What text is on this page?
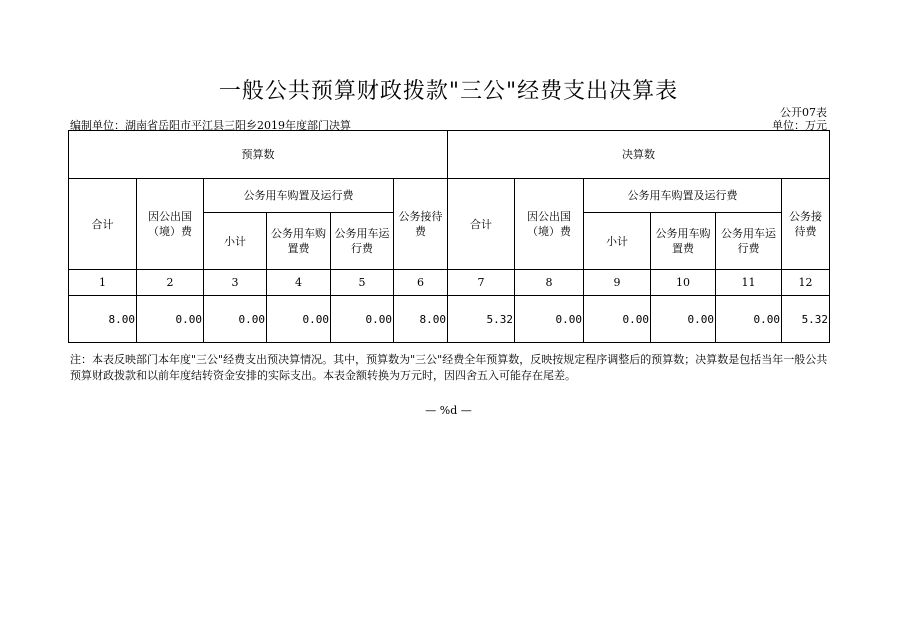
一般公共预算财政拨款"三公"经费支出决算表
公开07表
编制单位：湖南省岳阳市平江县三阳乡2019年度部门决算	单位：万元
预算数						决算数					
合计	因公出国（境）费	公务用车购置及运行费			公务接待费	合计	因公出国（境）费	公务用车购置及运行费			公务接待费
		小计	公务用车购置费	公务用车运行费				小计	公务用车购置费	公务用车运行费	
1	2	3	4	5	6	7	8	9	10	11	12
8.00	0.00	0.00	0.00	0.00	8.00	5.32	0.00	0.00	0.00	0.00	5.32
注：本表反映部门本年度"三公"经费支出预决算情况。其中，预算数为"三公"经费全年预算数，反映按规定程序调整后的预算数；决算数是包括当年一般公共预算财政拨款和以前年度结转资金安排的实际支出。本表金额转换为万元时，因四舍五入可能存在尾差。
— %d —
